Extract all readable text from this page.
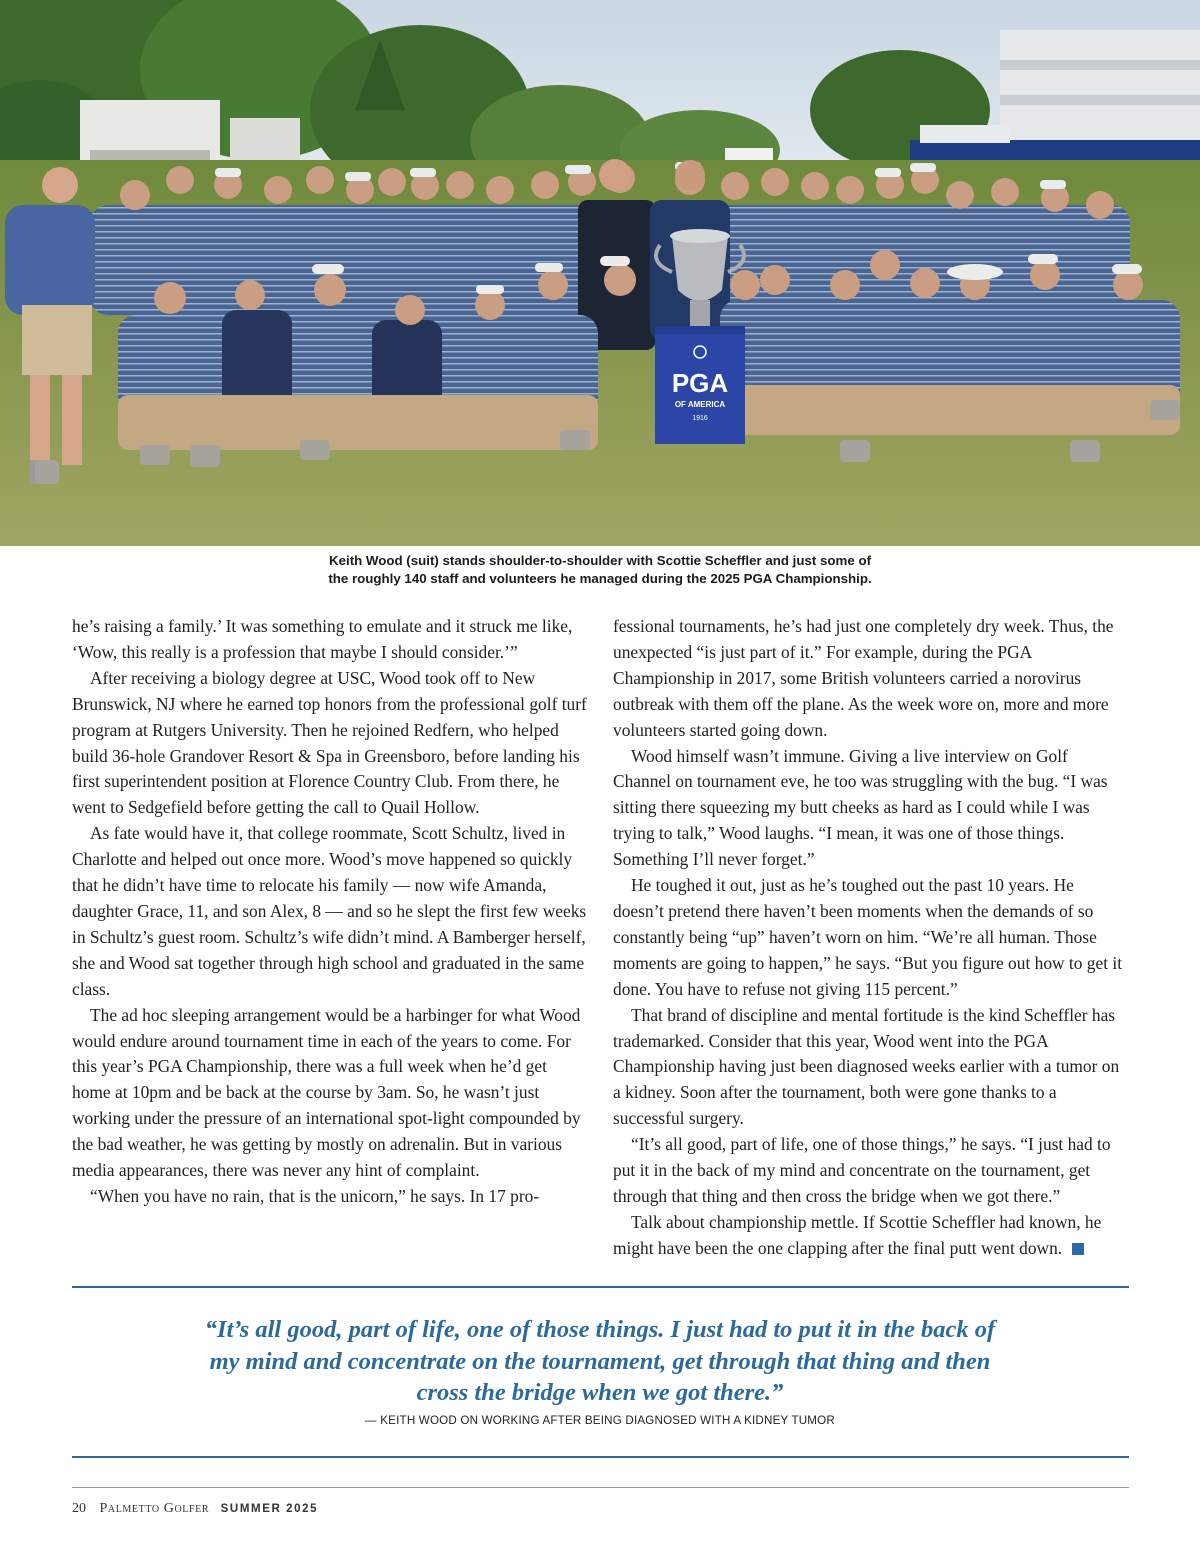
PGA
OF AMERICA
1916
Keith Wood (suit) stands shoulder-to-shoulder with Scottie Scheffler and just some of
the roughly 140 staff and volunteers he managed during the 2025 PGA Championship.

he’s raising a family.’ It was something to emulate and it struck me like, ‘Wow, this really is a profession that maybe I should consider.’”

After receiving a biology degree at USC, Wood took off to New Brunswick, NJ where he earned top honors from the professional golf turf program at Rutgers University. Then he rejoined Redfern, who helped build 36-hole Grandover Resort & Spa in Greensboro, before landing his first superintendent position at Florence Country Club. From there, he went to Sedgefield before getting the call to Quail Hollow.

As fate would have it, that college roommate, Scott Schultz, lived in Charlotte and helped out once more. Wood’s move happened so quickly that he didn’t have time to relocate his family — now wife Amanda, daughter Grace, 11, and son Alex, 8 — and so he slept the first few weeks in Schultz’s guest room. Schultz’s wife didn’t mind. A Bamberger herself, she and Wood sat together through high school and graduated in the same class.

The ad hoc sleeping arrangement would be a harbinger for what Wood would endure around tournament time in each of the years to come. For this year’s PGA Championship, there was a full week when he’d get home at 10pm and be back at the course by 3am. So, he wasn’t just working under the pressure of an international spot-light compounded by the bad weather, he was getting by mostly on adrenalin. But in various media appearances, there was never any hint of complaint.

“When you have no rain, that is the unicorn,” he says. In 17 pro-

fessional tournaments, he’s had just one completely dry week. Thus, the unexpected “is just part of it.” For example, during the PGA Championship in 2017, some British volunteers carried a norovirus outbreak with them off the plane. As the week wore on, more and more volunteers started going down.

Wood himself wasn’t immune. Giving a live interview on Golf Channel on tournament eve, he too was struggling with the bug. “I was sitting there squeezing my butt cheeks as hard as I could while I was trying to talk,” Wood laughs. “I mean, it was one of those things. Something I’ll never forget.”

He toughed it out, just as he’s toughed out the past 10 years. He doesn’t pretend there haven’t been moments when the demands of so constantly being “up” haven’t worn on him. “We’re all human. Those moments are going to happen,” he says. “But you figure out how to get it done. You have to refuse not giving 115 percent.”

That brand of discipline and mental fortitude is the kind Scheffler has trademarked. Consider that this year, Wood went into the PGA Championship having just been diagnosed weeks earlier with a tumor on a kidney. Soon after the tournament, both were gone thanks to a successful surgery.

“It’s all good, part of life, one of those things,” he says. “I just had to put it in the back of my mind and concentrate on the tournament, get through that thing and then cross the bridge when we got there.”

Talk about championship mettle. If Scottie Scheffler had known, he might have been the one clapping after the final putt went down.

“It’s all good, part of life, one of those things. I just had to put it in the back of
my mind and concentrate on the tournament, get through that thing and then
cross the bridge when we got there.”
— KEITH WOOD ON WORKING AFTER BEING DIAGNOSED WITH A KIDNEY TUMOR
20 Palmetto Golfer SUMMER 2025
